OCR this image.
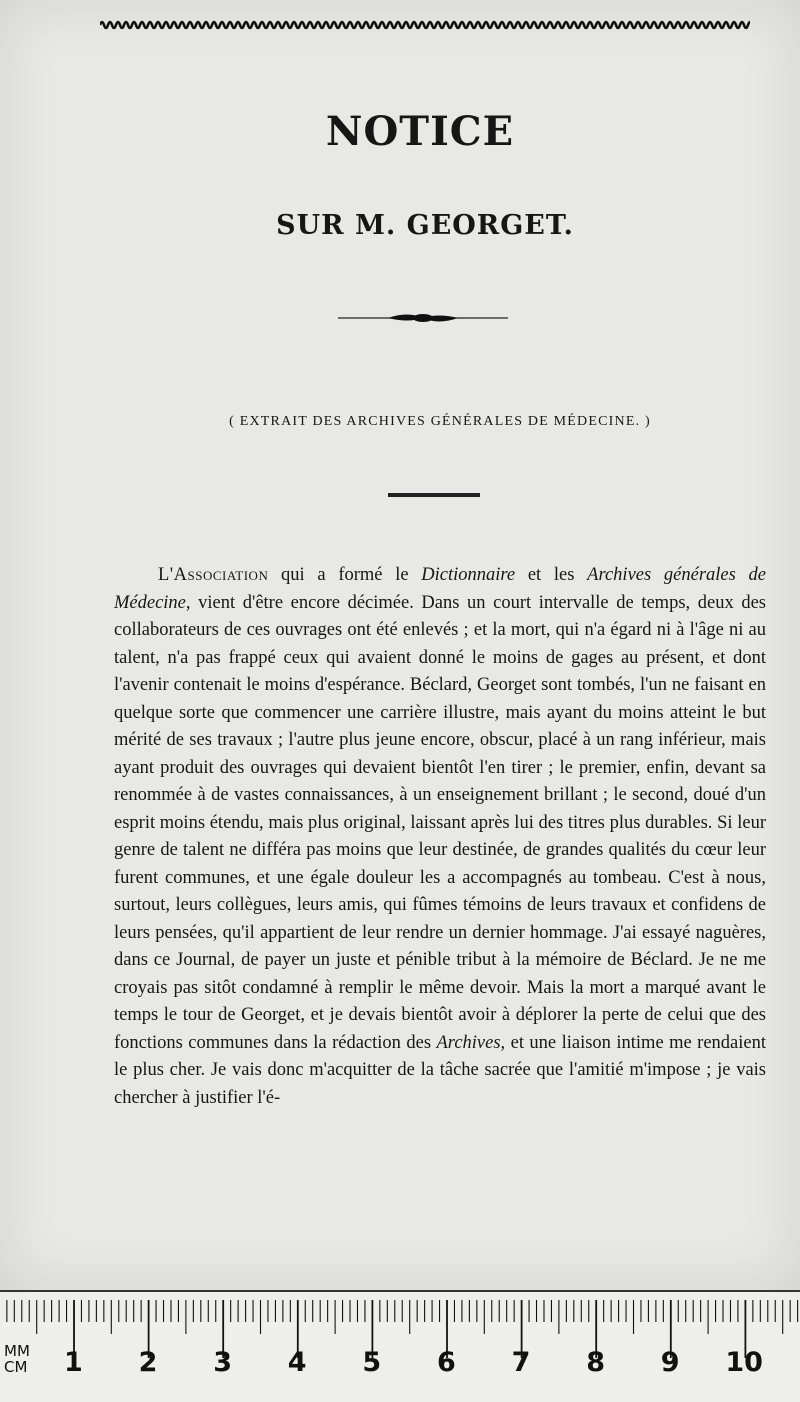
NOTICE
SUR M. GEORGET.
( EXTRAIT DES ARCHIVES GÉNÉRALES DE MÉDECINE. )

L'Association qui a formé le Dictionnaire et les Archives générales de Médecine, vient d'être encore décimée. Dans un court intervalle de temps, deux des collaborateurs de ces ouvrages ont été enlevés ; et la mort, qui n'a égard ni à l'âge ni au talent, n'a pas frappé ceux qui avaient donné le moins de gages au présent, et dont l'avenir contenait le moins d'espérance. Béclard, Georget sont tombés, l'un ne faisant en quelque sorte que commencer une carrière illustre, mais ayant du moins atteint le but mérité de ses travaux ; l'autre plus jeune encore, obscur, placé à un rang inférieur, mais ayant produit des ouvrages qui devaient bientôt l'en tirer ; le premier, enfin, devant sa renommée à de vastes connaissances, à un enseignement brillant ; le second, doué d'un esprit moins étendu, mais plus original, laissant après lui des titres plus durables. Si leur genre de talent ne différa pas moins que leur destinée, de grandes qualités du cœur leur furent communes, et une égale douleur les a accompagnés au tombeau. C'est à nous, surtout, leurs collègues, leurs amis, qui fûmes témoins de leurs travaux et confidens de leurs pensées, qu'il appartient de leur rendre un dernier hommage. J'ai essayé naguères, dans ce Journal, de payer un juste et pénible tribut à la mémoire de Béclard. Je ne me croyais pas sitôt condamné à remplir le même devoir. Mais la mort a marqué avant le temps le tour de Georget, et je devais bientôt avoir à déplorer la perte de celui que des fonctions communes dans la rédaction des Archives, et une liaison intime me rendaient le plus cher. Je vais donc m'acquitter de la tâche sacrée que l'amitié m'impose ; je vais chercher à justifier l'é-

MM
CM 1 2 3 4 5 6 7 8 9 10
